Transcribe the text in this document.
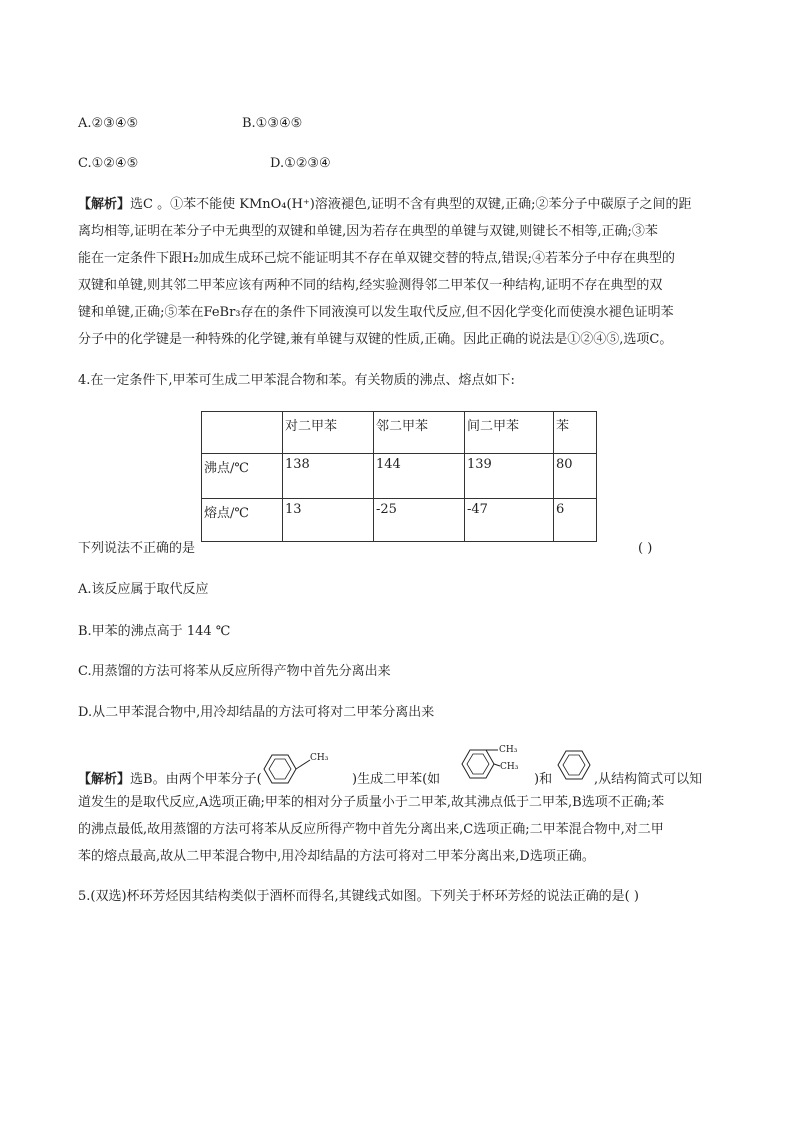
A.②③④⑤	B.①③④⑤
C.①②④⑤	D.①②③④
【解析】选C 。①苯不能使 KMnO₄(H⁺)溶液褪色,证明不含有典型的双键,正确;②苯分子中碳原子之间的距
离均相等,证明在苯分子中无典型的双键和单键,因为若存在典型的单键与双键,则键长不相等,正确;③苯
能在一定条件下跟H₂加成生成环己烷不能证明其不存在单双键交替的特点,错误;④若苯分子中存在典型的
双键和单键,则其邻二甲苯应该有两种不同的结构,经实验测得邻二甲苯仅一种结构,证明不存在典型的双
键和单键,正确;⑤苯在FeBr₃存在的条件下同液溴可以发生取代反应,但不因化学变化而使溴水褪色证明苯
分子中的化学键是一种特殊的化学键,兼有单键与双键的性质,正确。因此正确的说法是①②④⑤,选项C。
4.在一定条件下,甲苯可生成二甲苯混合物和苯。有关物质的沸点、熔点如下:
	对二甲苯	邻二甲苯	间二甲苯	苯
沸点/℃	138	144	139	80
熔点/℃	13	-25	-47	6
下列说法不正确的是	( )
A.该反应属于取代反应
B.甲苯的沸点高于 144 ℃
C.用蒸馏的方法可将苯从反应所得产物中首先分离出来
D.从二甲苯混合物中,用冷却结晶的方法可将对二甲苯分离出来
【解析】选B。由两个甲苯分子(
CH₃
)生成二甲苯(如
CH₃
CH₃
)和	,从结构简式可以知
道发生的是取代反应,A选项正确;甲苯的相对分子质量小于二甲苯,故其沸点低于二甲苯,B选项不正确;苯
的沸点最低,故用蒸馏的方法可将苯从反应所得产物中首先分离出来,C选项正确;二甲苯混合物中,对二甲
苯的熔点最高,故从二甲苯混合物中,用冷却结晶的方法可将对二甲苯分离出来,D选项正确。
5.(双选)杯环芳烃因其结构类似于酒杯而得名,其键线式如图。下列关于杯环芳烃的说法正确的是( )
